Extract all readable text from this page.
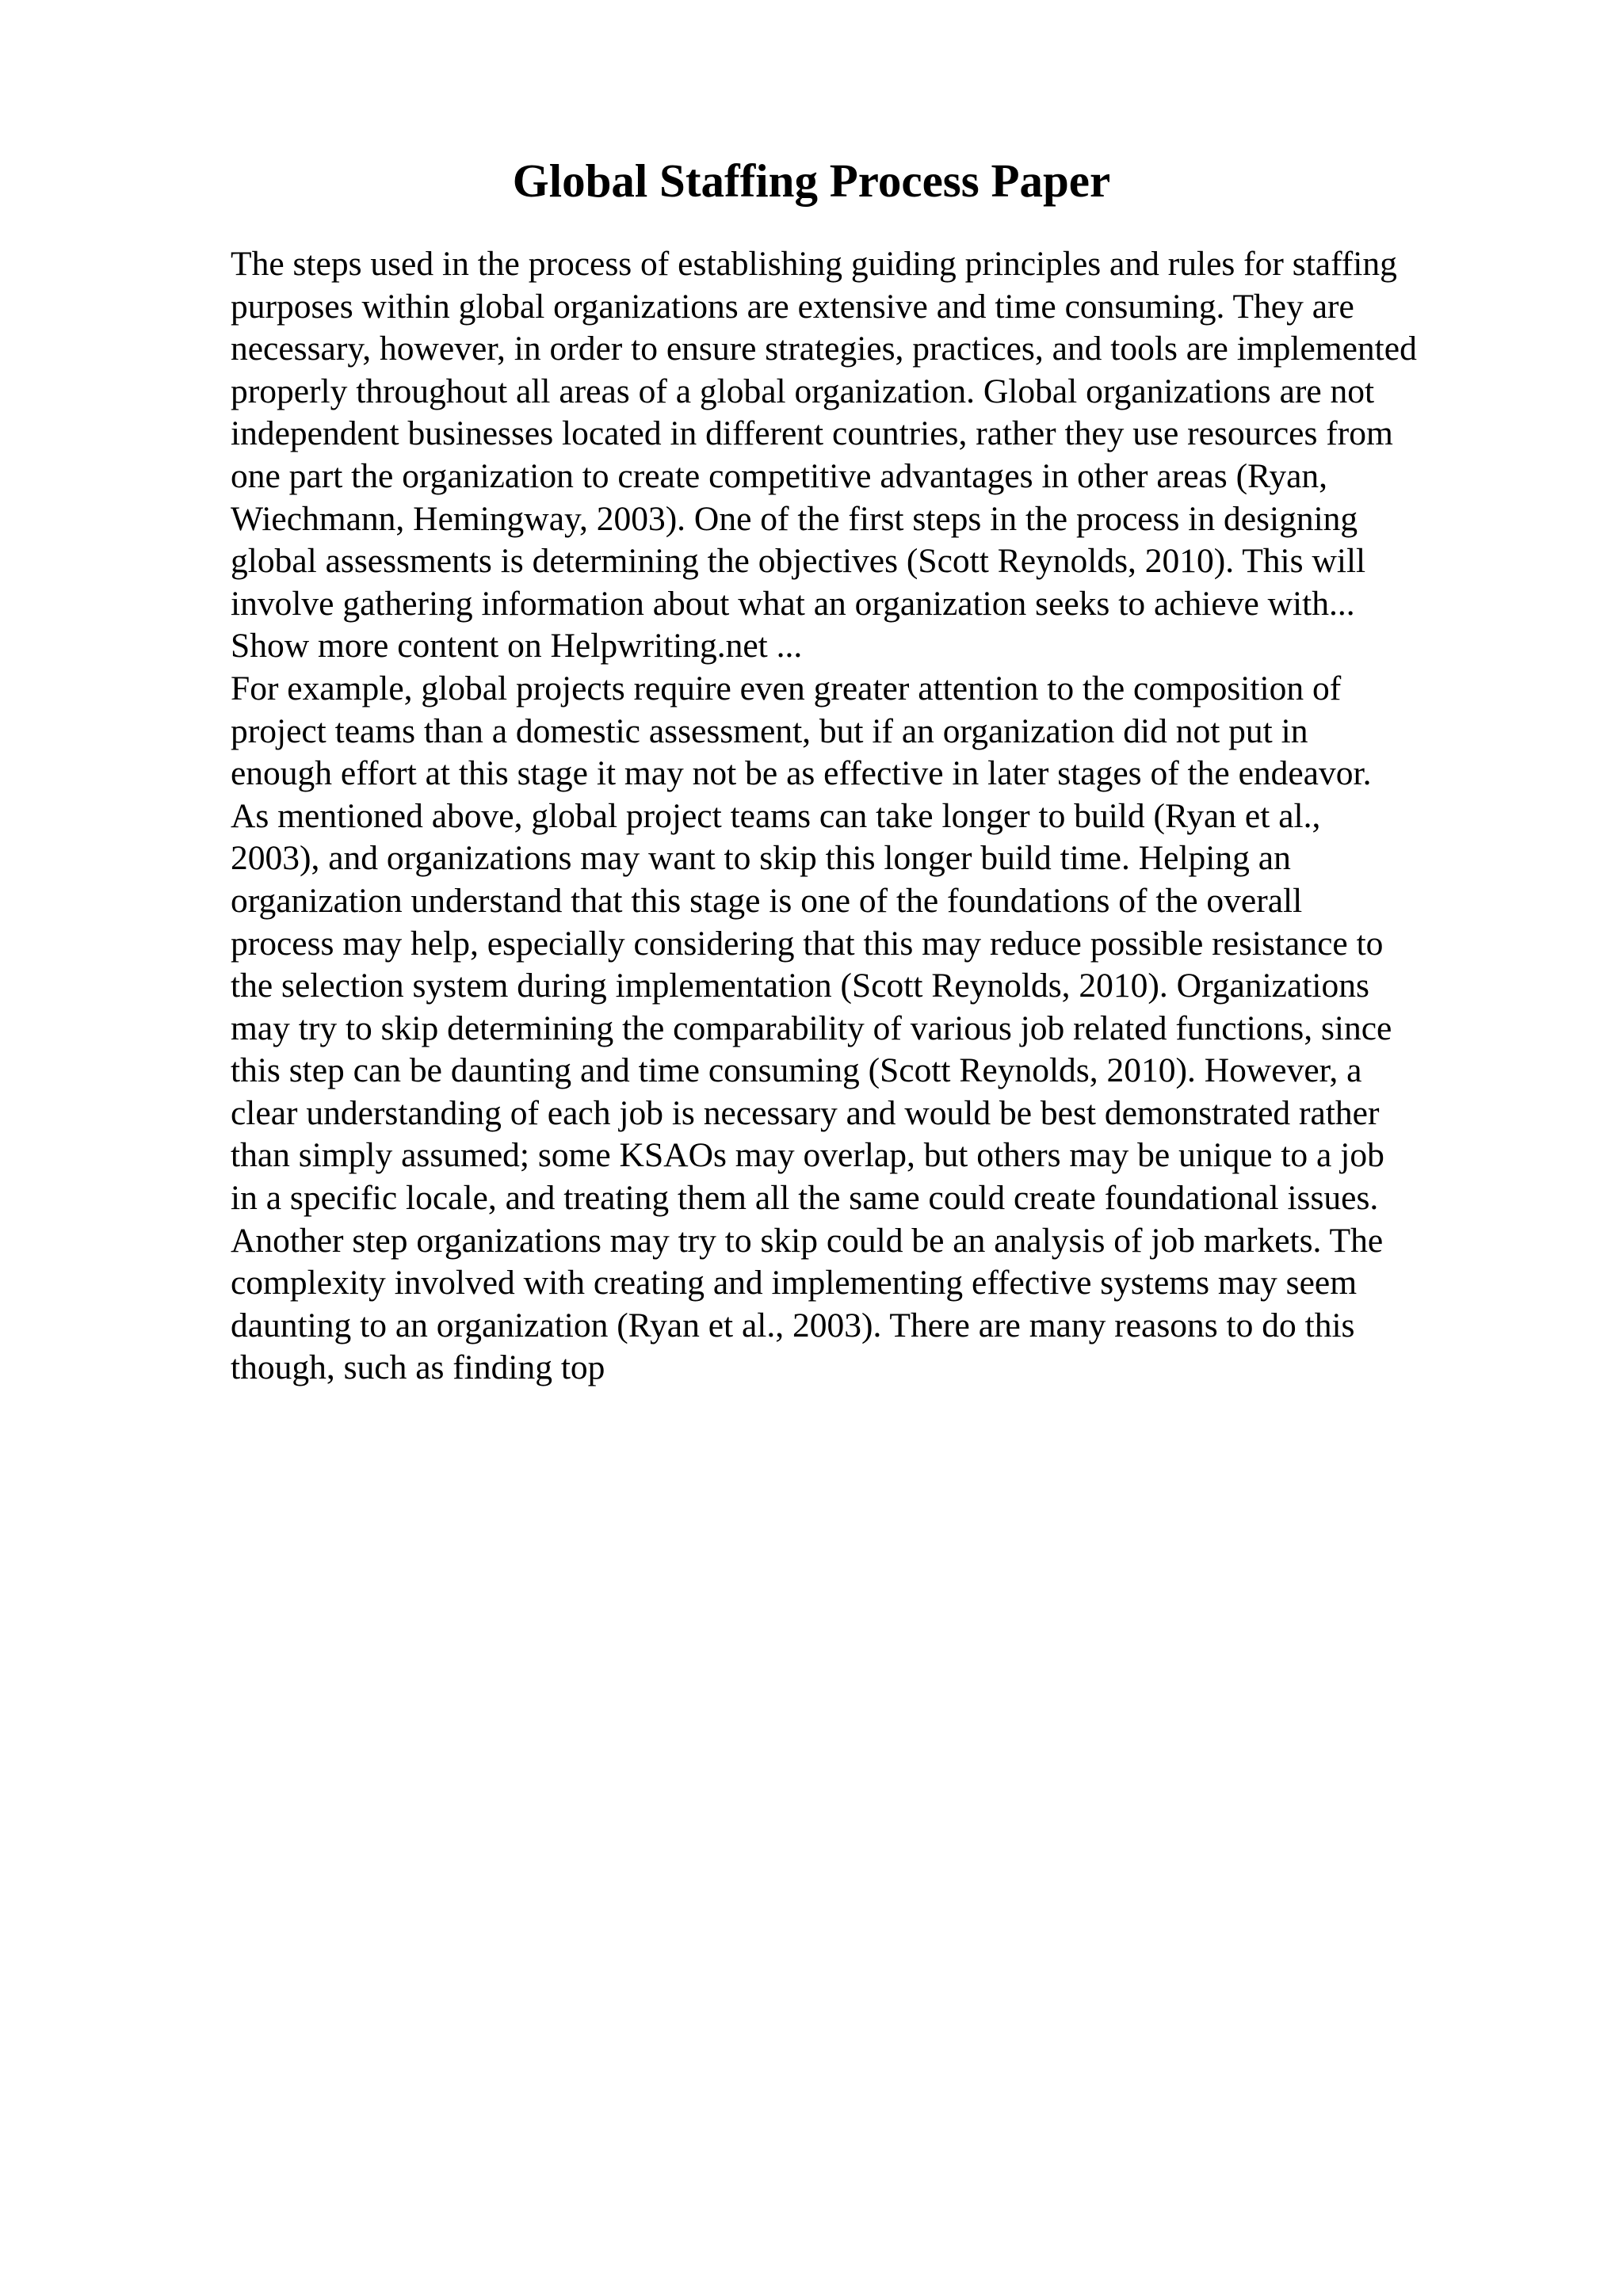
Global Staffing Process Paper
The steps used in the process of establishing guiding principles and rules for staffing
purposes within global organizations are extensive and time consuming. They are
necessary, however, in order to ensure strategies, practices, and tools are implemented
properly throughout all areas of a global organization. Global organizations are not
independent businesses located in different countries, rather they use resources from
one part the organization to create competitive advantages in other areas (Ryan,
Wiechmann, Hemingway, 2003). One of the first steps in the process in designing
global assessments is determining the objectives (Scott Reynolds, 2010). This will
involve gathering information about what an organization seeks to achieve with...
Show more content on Helpwriting.net ...
For example, global projects require even greater attention to the composition of
project teams than a domestic assessment, but if an organization did not put in
enough effort at this stage it may not be as effective in later stages of the endeavor.
As mentioned above, global project teams can take longer to build (Ryan et al.,
2003), and organizations may want to skip this longer build time. Helping an
organization understand that this stage is one of the foundations of the overall
process may help, especially considering that this may reduce possible resistance to
the selection system during implementation (Scott Reynolds, 2010). Organizations
may try to skip determining the comparability of various job related functions, since
this step can be daunting and time consuming (Scott Reynolds, 2010). However, a
clear understanding of each job is necessary and would be best demonstrated rather
than simply assumed; some KSAOs may overlap, but others may be unique to a job
in a specific locale, and treating them all the same could create foundational issues.
Another step organizations may try to skip could be an analysis of job markets. The
complexity involved with creating and implementing effective systems may seem
daunting to an organization (Ryan et al., 2003). There are many reasons to do this
though, such as finding top
